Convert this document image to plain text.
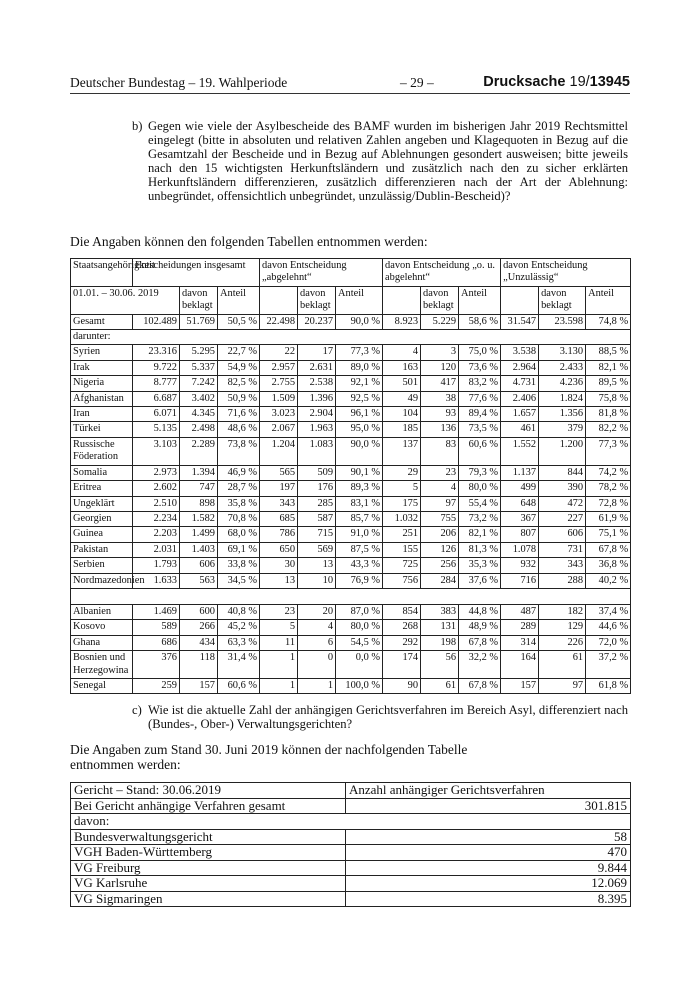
Deutscher Bundestag – 19. Wahlperiode	– 29 –	Drucksache 19/13945
b) Gegen wie viele der Asylbescheide des BAMF wurden im bisherigen Jahr 2019 Rechtsmittel eingelegt (bitte in absoluten und relativen Zahlen angeben und Klagequoten in Bezug auf die Gesamtzahl der Bescheide und in Bezug auf Ablehnungen gesondert ausweisen; bitte jeweils nach den 15 wichtigsten Herkunftsländern und zusätzlich nach den zu sicher erklärten Herkunftsländern differenzieren, zusätzlich differenzieren nach der Art der Ablehnung: unbegründet, offensichtlich unbegründet, unzulässig/Dublin-Bescheid)?
Die Angaben können den folgenden Tabellen entnommen werden:
Staatsangehörigkeit	Entscheidungen insgesamt			davon Entscheidung „abgelehnt“			davon Entscheidung „o. u. abgelehnt“			davon Entscheidung „Unzulässig“		
01.01. – 30.06. 2019		davon beklagt	Anteil		davon beklagt	Anteil		davon beklagt	Anteil		davon beklagt	Anteil
Gesamt	102.489	51.769	50,5 %	22.498	20.237	90,0 %	8.923	5.229	58,6 %	31.547	23.598	74,8 %
darunter:												
Syrien	23.316	5.295	22,7 %	22	17	77,3 %	4	3	75,0 %	3.538	3.130	88,5 %
Irak	9.722	5.337	54,9 %	2.957	2.631	89,0 %	163	120	73,6 %	2.964	2.433	82,1 %
Nigeria	8.777	7.242	82,5 %	2.755	2.538	92,1 %	501	417	83,2 %	4.731	4.236	89,5 %
Afghanistan	6.687	3.402	50,9 %	1.509	1.396	92,5 %	49	38	77,6 %	2.406	1.824	75,8 %
Iran	6.071	4.345	71,6 %	3.023	2.904	96,1 %	104	93	89,4 %	1.657	1.356	81,8 %
Türkei	5.135	2.498	48,6 %	2.067	1.963	95,0 %	185	136	73,5 %	461	379	82,2 %
Russische Föderation	3.103	2.289	73,8 %	1.204	1.083	90,0 %	137	83	60,6 %	1.552	1.200	77,3 %
Somalia	2.973	1.394	46,9 %	565	509	90,1 %	29	23	79,3 %	1.137	844	74,2 %
Eritrea	2.602	747	28,7 %	197	176	89,3 %	5	4	80,0 %	499	390	78,2 %
Ungeklärt	2.510	898	35,8 %	343	285	83,1 %	175	97	55,4 %	648	472	72,8 %
Georgien	2.234	1.582	70,8 %	685	587	85,7 %	1.032	755	73,2 %	367	227	61,9 %
Guinea	2.203	1.499	68,0 %	786	715	91,0 %	251	206	82,1 %	807	606	75,1 %
Pakistan	2.031	1.403	69,1 %	650	569	87,5 %	155	126	81,3 %	1.078	731	67,8 %
Serbien	1.793	606	33,8 %	30	13	43,3 %	725	256	35,3 %	932	343	36,8 %
Nordmazedonien	1.633	563	34,5 %	13	10	76,9 %	756	284	37,6 %	716	288	40,2 %

Albanien	1.469	600	40,8 %	23	20	87,0 %	854	383	44,8 %	487	182	37,4 %
Kosovo	589	266	45,2 %	5	4	80,0 %	268	131	48,9 %	289	129	44,6 %
Ghana	686	434	63,3 %	11	6	54,5 %	292	198	67,8 %	314	226	72,0 %
Bosnien und Herzegowina	376	118	31,4 %	1	0	0,0 %	174	56	32,2 %	164	61	37,2 %
Senegal	259	157	60,6 %	1	1	100,0 %	90	61	67,8 %	157	97	61,8 %
c) Wie ist die aktuelle Zahl der anhängigen Gerichtsverfahren im Bereich Asyl, differenziert nach (Bundes-, Ober-) Verwaltungsgerichten?
Die Angaben zum Stand 30. Juni 2019 können der nachfolgenden Tabelle entnommen werden:
Gericht – Stand: 30.06.2019	Anzahl anhängiger Gerichtsverfahren
Bei Gericht anhängige Verfahren gesamt	301.815
davon:	
Bundesverwaltungsgericht	58
VGH Baden-Württemberg	470
VG Freiburg	9.844
VG Karlsruhe	12.069
VG Sigmaringen	8.395
